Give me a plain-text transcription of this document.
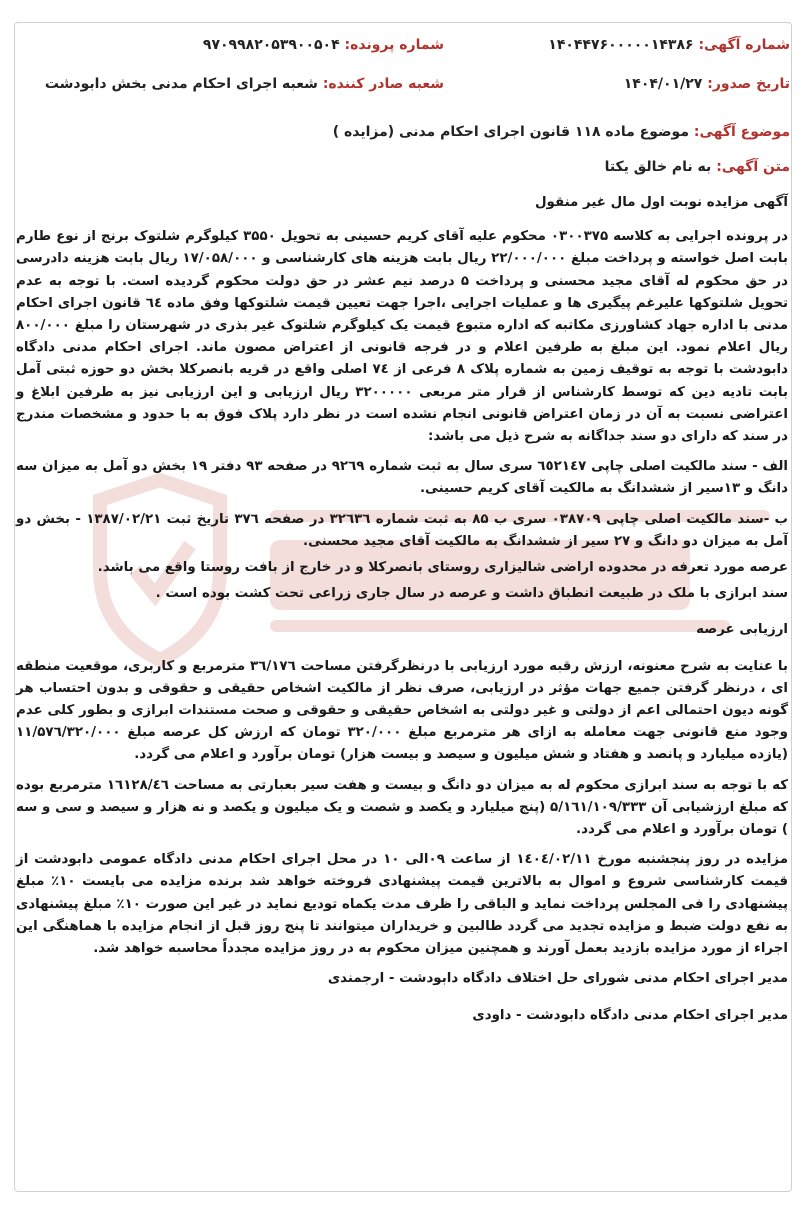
شماره آگهی: ۱۴۰۴۴۷۶۰۰۰۰۰۱۴۳۸۶
شماره پرونده: ۹۷۰۹۹۸۲۰۵۳۹۰۰۵۰۴
تاریخ صدور: ۱۴۰۴/۰۱/۲۷
شعبه صادر کننده: شعبه اجرای احکام مدنی بخش دابودشت
موضوع آگهی: موضوع ماده ۱۱۸ قانون اجرای احکام مدنی (مزایده )
متن آگهی: به نام خالق یکتا

آگهی مزایده نوبت اول مال غیر منقول

در پرونده اجرایی به کلاسه ۰۳۰۰۳۷۵ محکوم علیه آقای کریم حسینی به تحویل ۳۵۵۰ کیلوگرم شلتوک برنج از نوع طارم بابت اصل خواسته و پرداخت مبلغ ۲۲/۰۰۰/۰۰۰ ریال بابت هزینه های کارشناسی و ۱۷/۰۵۸/۰۰۰ ریال بابت هزینه دادرسی در حق محکوم له آقای مجید محسنی و پرداخت ۵ درصد نیم عشر در حق دولت محکوم گردیده است. با توجه به عدم تحویل شلتوکها علیرغم پیگیری ها و عملیات اجرایی ،اجرا جهت تعیین قیمت شلتوکها وفق ماده ٦٤ قانون اجرای احکام مدنی با اداره جهاد کشاورزی مکاتبه که اداره متبوع قیمت یک کیلوگرم شلتوک غیر بذری در شهرستان را مبلغ ۸۰۰/۰۰۰ ریال اعلام نمود. این مبلغ به طرفین اعلام و در فرجه قانونی از اعتراض مصون ماند. اجرای احکام مدنی دادگاه دابودشت با توجه به توقیف زمین به شماره پلاک ۸ فرعی از ۷٤ اصلی واقع در قریه بانصرکلا بخش دو حوزه ثبتی آمل بابت تادیه دین که توسط کارشناس از قرار متر مربعی ۳۲۰۰۰۰۰ ریال ارزیابی و این ارزیابی نیز به طرفین ابلاغ و اعتراضی نسبت به آن در زمان اعتراض قانونی انجام نشده است در نظر دارد پلاک فوق به با حدود و مشخصات مندرج در سند که دارای دو سند جداگانه به شرح ذیل می باشد:

الف - سند مالکیت اصلی چاپی ٦٥۲۱٤۷ سری سال به ثبت شماره ۹۲٦۹ در صفحه ۹۳ دفتر ۱۹ بخش دو آمل به میزان سه دانگ و ۱۳سیر از ششدانگ به مالکیت آقای کریم حسینی.

ب -سند مالکیت اصلی چاپی ۰۳۸۷۰۹ سری ب ۸۵ به ثبت شماره ۳۲٦۳٦ در صفحه ۳۷٦ تاریخ ثبت ۱۳۸۷/۰۲/۲۱ - بخش دو آمل به میزان دو دانگ و ۲۷ سیر از ششدانگ به مالکیت آقای مجید محسنی.

عرصه مورد تعرفه در محدوده اراضی شالیزاری روستای بانصرکلا و در خارج از بافت روستا واقع می باشد.

سند ابرازی با ملک در طبیعت انطباق داشت و عرصه در سال جاری زراعی تحت کشت بوده است .

ارزیابی عرصه

با عنایت به شرح معنونه، ارزش رقبه مورد ارزیابی با درنظرگرفتن مساحت ۳٦/۱۷٦ مترمربع و کاربری، موقعیت منطقه ای ، درنظر گرفتن جمیع جهات مؤثر در ارزیابی، صرف نظر از مالکیت اشخاص حقیقی و حقوقی و بدون احتساب هر گونه دیون احتمالی اعم از دولتی و غیر دولتی به اشخاص حقیقی و حقوقی و صحت مستندات ابرازی و بطور کلی عدم وجود منع قانونی جهت معامله به ازای هر مترمربع مبلغ ۳۲۰/۰۰۰ تومان که ارزش کل عرصه مبلغ ۱۱/۵۷٦/۳۲۰/۰۰۰ (یازده میلیارد و پانصد و هفتاد و شش میلیون و سیصد و بیست هزار) تومان برآورد و اعلام می گردد.

که با توجه به سند ابرازی محکوم له به میزان دو دانگ و بیست و هفت سیر بعبارتی به مساحت ۱٦۱۲۸/٤٦ مترمربع بوده که مبلغ ارزشیابی آن ۵/۱٦۱/۱۰۹/۳۳۳ (پنج میلیارد و یکصد و شصت و یک میلیون و یکصد و نه هزار و سیصد و سی و سه ) تومان برآورد و اعلام می گردد.

مزایده در روز پنجشنبه مورخ ۱٤۰٤/۰۲/۱۱ از ساعت ۰۹الی ۱۰ در محل اجرای احکام مدنی دادگاه عمومی دابودشت از قیمت کارشناسی شروع و اموال به بالاترین قیمت پیشنهادی فروخته خواهد شد برنده مزایده می بایست ۱۰٪ مبلغ پیشنهادی را فی المجلس پرداخت نماید و الباقی را ظرف مدت یکماه تودیع نماید در غیر این صورت ۱۰٪ مبلغ پیشنهادی به نفع دولت ضبط و مزایده تجدید می گردد طالبین و خریداران میتوانند تا پنج روز قبل از انجام مزایده با هماهنگی این اجراء از مورد مزایده بازدید بعمل آورند و همچنین میزان محکوم به در روز مزایده مجدداً محاسبه خواهد شد.

مدیر اجرای احکام مدنی شورای حل اختلاف دادگاه دابودشت - ارجمندی

مدیر اجرای احکام مدنی دادگاه دابودشت - داودی
